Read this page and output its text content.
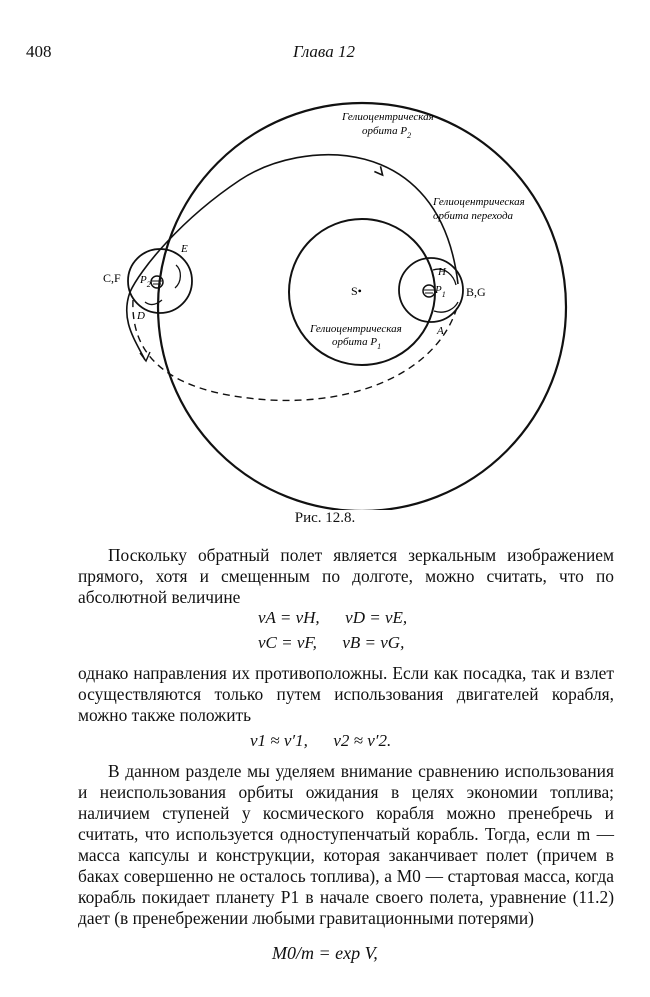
408	Глава 12
Гелиоцентрическая
орбита $P_2$
Гелиоцентрическая
орбита перехода
Гелиоцентрическая
орбита $P_1$
S•
C,F
B,G
E
D
H
A
$P_2$	$P_1$
Рис. 12.8.

Поскольку обратный полет является зеркальным изображением прямого, хотя и смещенным по долготе, можно считать, что по абсолютной величине

vA = vH,      vD = vE,
vC = vF,      vB = vG,

однако направления их противоположны. Если как посадка, так и взлет осуществляются только путем использования двигателей корабля, можно также положить

v1 ≈ v′1,      v2 ≈ v′2.

В данном разделе мы уделяем внимание сравнению использования и неиспользования орбиты ожидания в целях экономии топлива; наличием ступеней у космического корабля можно пренебречь и считать, что используется одноступенчатый корабль. Тогда, если m — масса капсулы и конструкции, которая заканчивает полет (причем в баках совершенно не осталось топлива), а M0 — стартовая масса, когда корабль покидает планету P1 в начале своего полета, уравнение (11.2) дает (в пренебрежении любыми гравитационными потерями)

M0/m = exp V,
